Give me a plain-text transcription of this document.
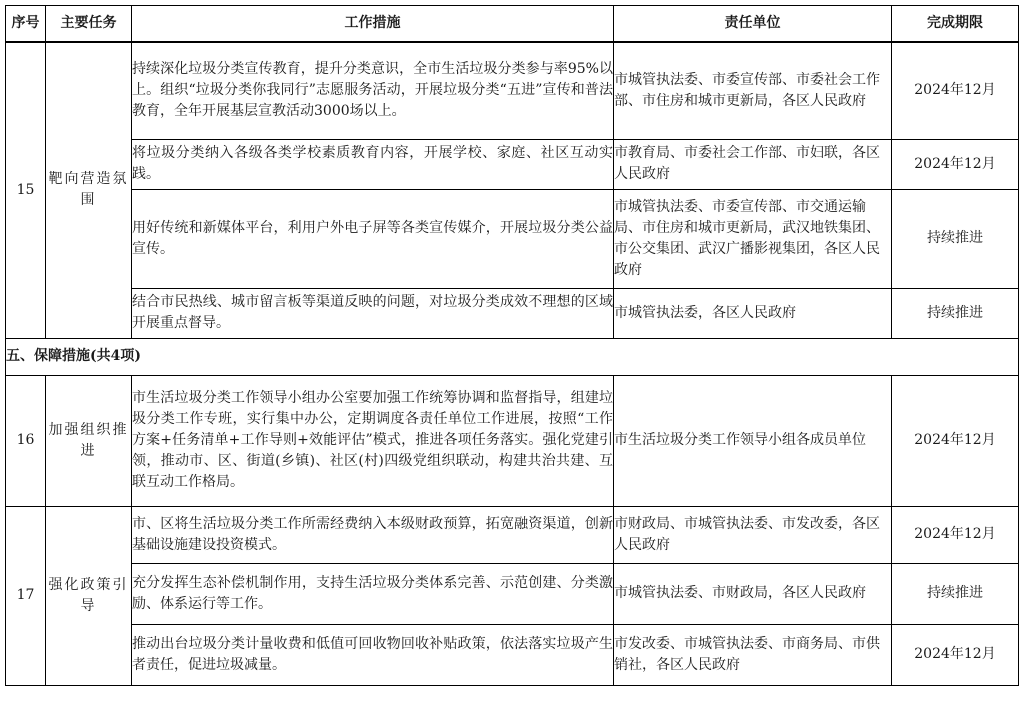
序号	主要任务	工作措施	责任单位	完成期限
15	靶向营造氛围	持续深化垃圾分类宣传教育，提升分类意识，全市生活垃圾分类参与率95%以上。组织“垃圾分类你我同行”志愿服务活动，开展垃圾分类“五进”宣传和普法教育，全年开展基层宣教活动3000场以上。	市城管执法委、市委宣传部、市委社会工作部、市住房和城市更新局，各区人民政府	2024年12月
		将垃圾分类纳入各级各类学校素质教育内容，开展学校、家庭、社区互动实践。	市教育局、市委社会工作部、市妇联，各区人民政府	2024年12月
		用好传统和新媒体平台，利用户外电子屏等各类宣传媒介，开展垃圾分类公益宣传。	市城管执法委、市委宣传部、市交通运输局、市住房和城市更新局，武汉地铁集团、市公交集团、武汉广播影视集团，各区人民政府	持续推进
		结合市民热线、城市留言板等渠道反映的问题，对垃圾分类成效不理想的区域开展重点督导。	市城管执法委，各区人民政府	持续推进
五、保障措施(共4项)				
16	加强组织推进	市生活垃圾分类工作领导小组办公室要加强工作统筹协调和监督指导，组建垃圾分类工作专班，实行集中办公，定期调度各责任单位工作进展，按照“工作方案+任务清单+工作导则+效能评估”模式，推进各项任务落实。强化党建引领，推动市、区、街道(乡镇)、社区(村)四级党组织联动，构建共治共建、互联互动工作格局。	市生活垃圾分类工作领导小组各成员单位	2024年12月
17	强化政策引导	市、区将生活垃圾分类工作所需经费纳入本级财政预算，拓宽融资渠道，创新基础设施建设投资模式。	市财政局、市城管执法委、市发改委，各区人民政府	2024年12月
		充分发挥生态补偿机制作用，支持生活垃圾分类体系完善、示范创建、分类激励、体系运行等工作。	市城管执法委、市财政局，各区人民政府	持续推进
		推动出台垃圾分类计量收费和低值可回收物回收补贴政策，依法落实垃圾产生者责任，促进垃圾减量。	市发改委、市城管执法委、市商务局、市供销社，各区人民政府	2024年12月
